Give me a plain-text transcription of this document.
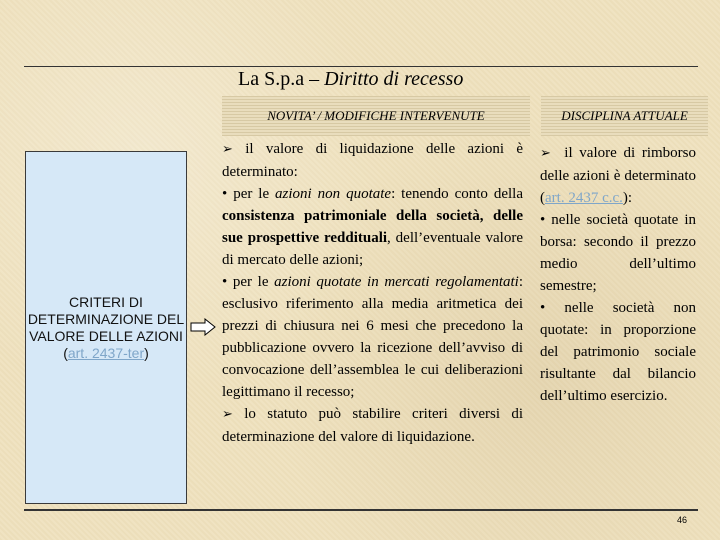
La S.p.a – Diritto di recesso
NOVITA’ / MODIFICHE INTERVENUTE	DISCIPLINA ATTUALE
CRITERI DI DETERMINAZIONE DEL VALORE DELLE AZIONI
(art. 2437-ter)

➢ il valore di liquidazione delle azioni è determinato:

• per le azioni non quotate: tenendo conto della consistenza patrimoniale della società, delle sue prospettive reddituali, dell’eventuale valore di mercato delle azioni;

• per le azioni quotate in mercati regolamentati: esclusivo riferimento alla media aritmetica dei prezzi di chiusura nei 6 mesi che precedono la pubblicazione ovvero la ricezione dell’avviso di convocazione dell’assemblea le cui deliberazioni legittimano il recesso;

➢ lo statuto può stabilire criteri diversi di determinazione del valore di liquidazione.

➢ il valore di rimborso delle azioni è determinato (art. 2437 c.c.):

• nelle società quotate in borsa: secondo il prezzo medio dell’ultimo semestre;

• nelle società non quotate: in proporzione del patrimonio sociale risultante dal bilancio dell’ultimo esercizio.

46
